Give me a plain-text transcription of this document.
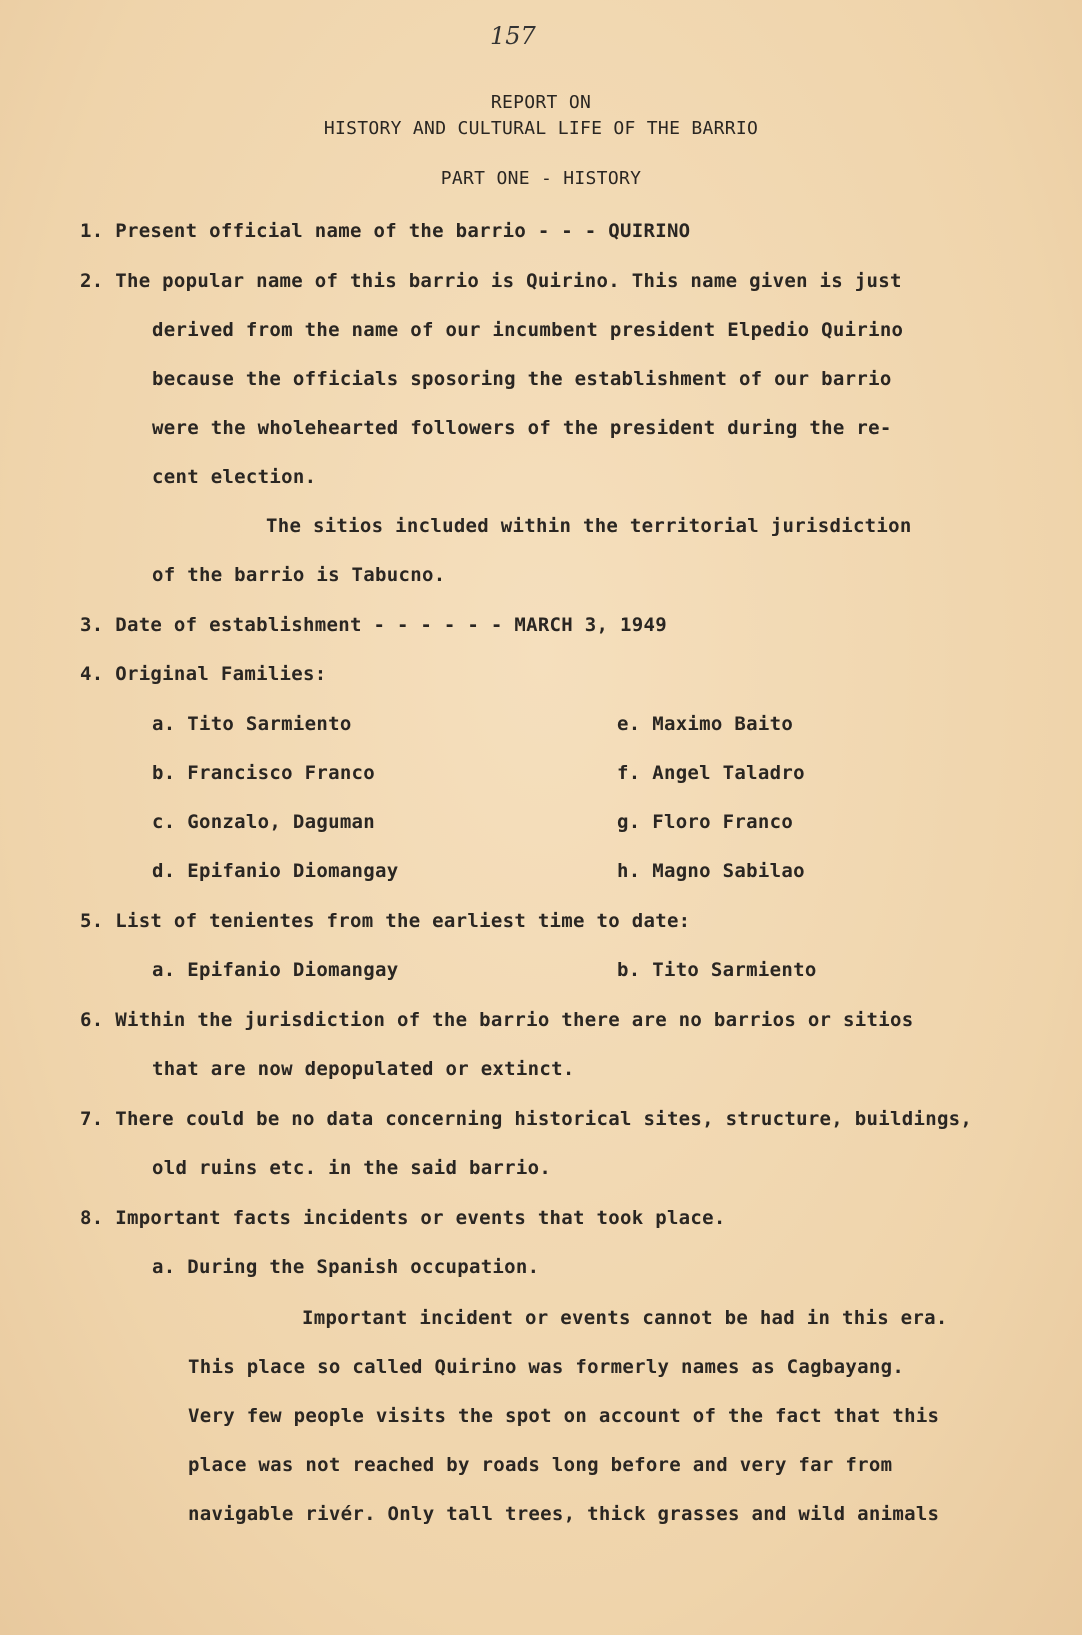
157
REPORT ON
HISTORY AND CULTURAL LIFE OF THE BARRIO
PART ONE - HISTORY
1. Present official name of the barrio - - - QUIRINO
2. The popular name of this barrio is Quirino. This name given is just
derived from the name of our incumbent president Elpedio Quirino
because the officials sposoring the establishment of our barrio
were the wholehearted followers of the president during the re-
cent election.
The sitios included within the territorial jurisdiction
of the barrio is Tabucno.
3. Date of establishment - - - - - - MARCH 3, 1949
4. Original Families:
a. Tito Sarmiento
b. Francisco Franco
c. Gonzalo, Daguman
d. Epifanio Diomangay
e. Maximo Baito
f. Angel Taladro
g. Floro Franco
h. Magno Sabilao
5. List of tenientes from the earliest time to date:
a. Epifanio Diomangay	b. Tito Sarmiento
6. Within the jurisdiction of the barrio there are no barrios or sitios
that are now depopulated or extinct.
7. There could be no data concerning historical sites, structure, buildings,
old ruins etc. in the said barrio.
8. Important facts incidents or events that took place.
a. During the Spanish occupation.
Important incident or events cannot be had in this era.
This place so called Quirino was formerly names as Cagbayang.
Very few people visits the spot on account of the fact that this
place was not reached by roads long before and very far from
navigable rivér. Only tall trees, thick grasses and wild animals
